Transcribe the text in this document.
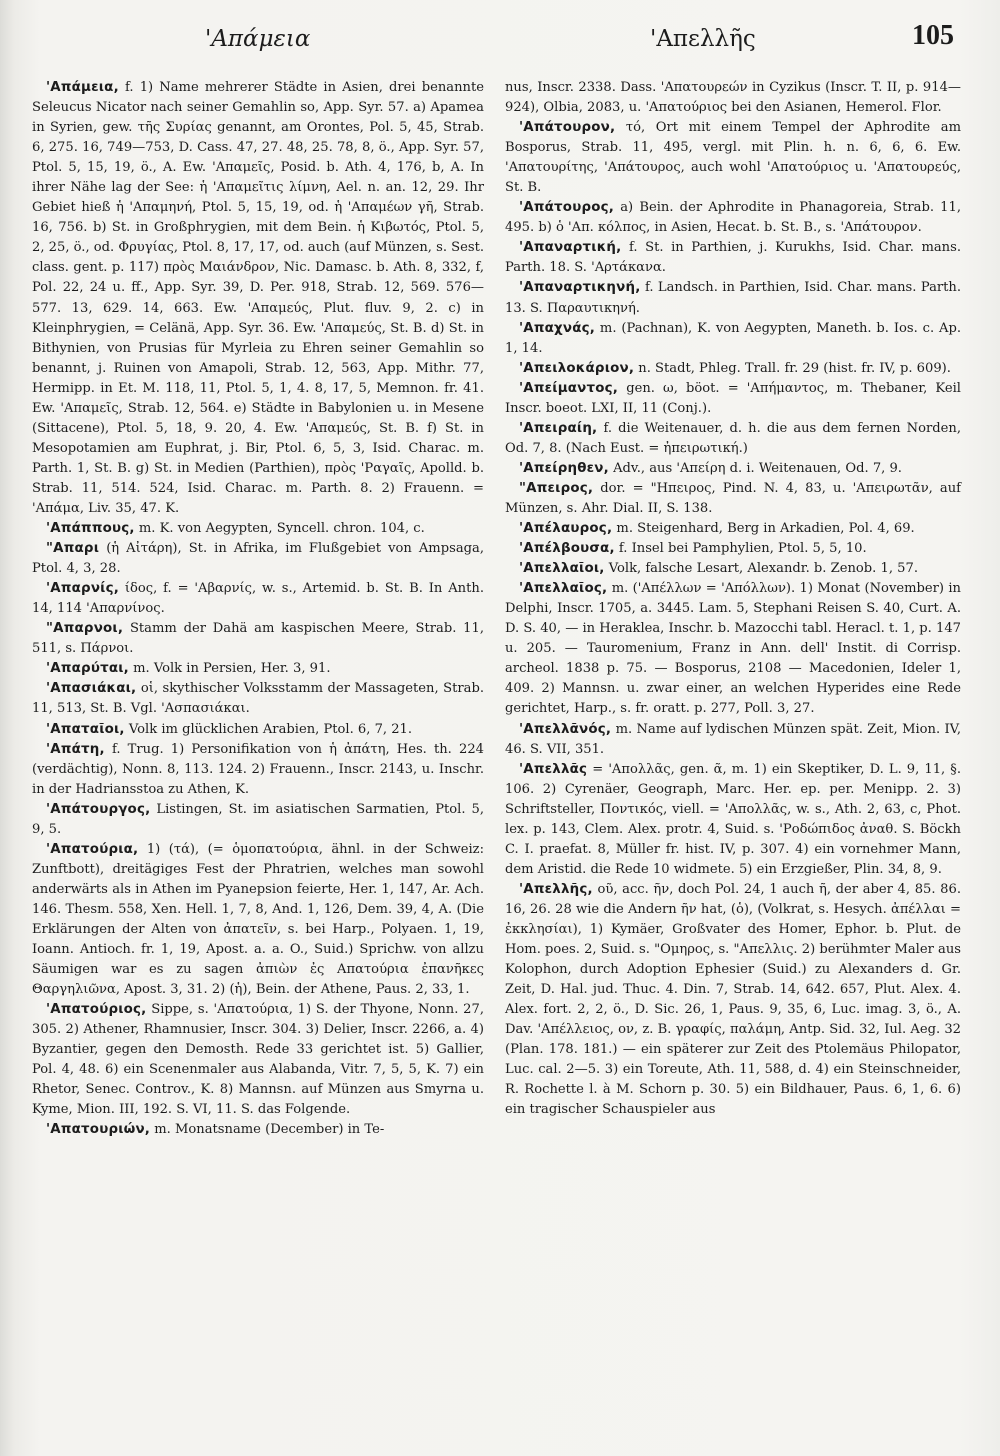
'Απάμεια	'Απελλῆς	105

'Απάμεια, f. 1) Name mehrerer Städte in Asien, drei benannte Seleucus Nicator nach seiner Gemahlin so, App. Syr. 57. a) Apamea in Syrien, gew. τῆς Συρίας genannt, am Orontes, Pol. 5, 45, Strab. 6, 275. 16, 749—753, D. Cass. 47, 27. 48, 25. 78, 8, ö., App. Syr. 57, Ptol. 5, 15, 19, ö., A. Ew. 'Απαμεῖς, Posid. b. Ath. 4, 176, b, A. In ihrer Nähe lag der See: ἡ 'Απαμεῖτις λίμνη, Ael. n. an. 12, 29. Ihr Gebiet hieß ἡ 'Απαμηνή, Ptol. 5, 15, 19, od. ἡ 'Απαμέων γῆ, Strab. 16, 756. b) St. in Großphrygien, mit dem Bein. ἡ Κιβωτός, Ptol. 5, 2, 25, ö., od. Φρυγίας, Ptol. 8, 17, 17, od. auch (auf Münzen, s. Sest. class. gent. p. 117) πρὸς Μαιάνδρον, Nic. Damasc. b. Ath. 8, 332, f, Pol. 22, 24 u. ff., App. Syr. 39, D. Per. 918, Strab. 12, 569. 576—577. 13, 629. 14, 663. Ew. 'Απαμεύς, Plut. fluv. 9, 2. c) in Kleinphrygien, = Celänä, App. Syr. 36. Ew. 'Απαμεύς, St. B. d) St. in Bithynien, von Prusias für Myrleia zu Ehren seiner Gemahlin so benannt, j. Ruinen von Amapoli, Strab. 12, 563, App. Mithr. 77, Hermipp. in Et. M. 118, 11, Ptol. 5, 1, 4. 8, 17, 5, Memnon. fr. 41. Ew. 'Απαμεῖς, Strab. 12, 564. e) Städte in Babylonien u. in Mesene (Sittacene), Ptol. 5, 18, 9. 20, 4. Ew. 'Απαμεύς, St. B. f) St. in Mesopotamien am Euphrat, j. Bir, Ptol. 6, 5, 3, Isid. Charac. m. Parth. 1, St. B. g) St. in Medien (Parthien), πρὸς 'Ραγαῖς, Apolld. b. Strab. 11, 514. 524, Isid. Charac. m. Parth. 8. 2) Frauenn. = 'Απάμα, Liv. 35, 47. K.

'Απάππους, m. K. von Aegypten, Syncell. chron. 104, c.

"Απαρι (ἡ Αἰτάρη), St. in Afrika, im Flußgebiet von Ampsaga, Ptol. 4, 3, 28.

'Απαρνίς, ίδος, f. = 'Αβαρνίς, w. s., Artemid. b. St. B. In Anth. 14, 114 'Απαρνίνος.

"Απαρνοι, Stamm der Dahä am kaspischen Meere, Strab. 11, 511, s. Πάρνοι.

'Απαρύται, m. Volk in Persien, Her. 3, 91.

'Απασιάκαι, οἱ, skythischer Volksstamm der Massageten, Strab. 11, 513, St. B. Vgl. 'Ασπασιάκαι.

'Απαταῖοι, Volk im glücklichen Arabien, Ptol. 6, 7, 21.

'Απάτη, f. Trug. 1) Personifikation von ἡ ἀπάτη, Hes. th. 224 (verdächtig), Nonn. 8, 113. 124. 2) Frauenn., Inscr. 2143, u. Inschr. in der Hadriansstoa zu Athen, K.

'Απάτουργος, Listingen, St. im asiatischen Sarmatien, Ptol. 5, 9, 5.

'Απατούρια, 1) (τά), (= ὁμοπατούρια, ähnl. in der Schweiz: Zunftbott), dreitägiges Fest der Phratrien, welches man sowohl anderwärts als in Athen im Pyanepsion feierte, Her. 1, 147, Ar. Ach. 146. Thesm. 558, Xen. Hell. 1, 7, 8, And. 1, 126, Dem. 39, 4, A. (Die Erklärungen der Alten von ἀπατεῖν, s. bei Harp., Polyaen. 1, 19, Ioann. Antioch. fr. 1, 19, Apost. a. a. O., Suid.) Sprichw. von allzu Säumigen war es zu sagen ἀπιὼν ἐς Απατούρια ἐπανῆκες Θαργηλιῶνα, Apost. 3, 31. 2) (ἡ), Bein. der Athene, Paus. 2, 33, 1.

'Απατούριος, Sippe, s. 'Απατούρια, 1) S. der Thyone, Nonn. 27, 305. 2) Athener, Rhamnusier, Inscr. 304. 3) Delier, Inscr. 2266, a. 4) Byzantier, gegen den Demosth. Rede 33 gerichtet ist. 5) Gallier, Pol. 4, 48. 6) ein Scenenmaler aus Alabanda, Vitr. 7, 5, 5, K. 7) ein Rhetor, Senec. Controv., K. 8) Mannsn. auf Münzen aus Smyrna u. Kyme, Mion. III, 192. S. VI, 11. S. das Folgende.

'Απατουριών, m. Monatsname (December) in Te-

nus, Inscr. 2338. Dass. 'Απατουρεών in Cyzikus (Inscr. T. II, p. 914—924), Olbia, 2083, u. 'Απατούριος bei den Asianen, Hemerol. Flor.

'Απάτουρον, τό, Ort mit einem Tempel der Aphrodite am Bosporus, Strab. 11, 495, vergl. mit Plin. h. n. 6, 6, 6. Ew. 'Απατουρίτης, 'Απάτουρος, auch wohl 'Απατούριος u. 'Απατουρεύς, St. B.

'Απάτουρος, a) Bein. der Aphrodite in Phanagoreia, Strab. 11, 495. b) ὁ 'Απ. κόλπος, in Asien, Hecat. b. St. B., s. 'Απάτουρον.

'Απαναρτική, f. St. in Parthien, j. Kurukhs, Isid. Char. mans. Parth. 18. S. 'Αρτάκανα.

'Απαναρτικηνή, f. Landsch. in Parthien, Isid. Char. mans. Parth. 13. S. Παραυτικηνή.

'Απαχνάς, m. (Pachnan), K. von Aegypten, Maneth. b. Ios. c. Ap. 1, 14.

'Απειλοκάριον, n. Stadt, Phleg. Trall. fr. 29 (hist. fr. IV, p. 609).

'Απείμαντος, gen. ω, böot. = 'Απήμαντος, m. Thebaner, Keil Inscr. boeot. LXI, II, 11 (Conj.).

'Απειραίη, f. die Weitenauer, d. h. die aus dem fernen Norden, Od. 7, 8. (Nach Eust. = ἠπειρωτική.)

'Απείρηθεν, Adv., aus 'Απείρη d. i. Weitenauen, Od. 7, 9.

"Απειρος, dor. = "Ηπειρος, Pind. N. 4, 83, u. 'Απειρωτᾶν, auf Münzen, s. Ahr. Dial. II, S. 138.

'Απέλαυρος, m. Steigenhard, Berg in Arkadien, Pol. 4, 69.

'Απέλβουσα, f. Insel bei Pamphylien, Ptol. 5, 5, 10.

'Απελλαῖοι, Volk, falsche Lesart, Alexandr. b. Zenob. 1, 57.

'Απελλαῖος, m. ('Απέλλων = 'Απόλλων). 1) Monat (November) in Delphi, Inscr. 1705, a. 3445. Lam. 5, Stephani Reisen S. 40, Curt. A. D. S. 40, — in Heraklea, Inschr. b. Mazocchi tabl. Heracl. t. 1, p. 147 u. 205. — Tauromenium, Franz in Ann. dell' Instit. di Corrisp. archeol. 1838 p. 75. — Bosporus, 2108 — Macedonien, Ideler 1, 409. 2) Mannsn. u. zwar einer, an welchen Hyperides eine Rede gerichtet, Harp., s. fr. oratt. p. 277, Poll. 3, 27.

'Απελλᾶνός, m. Name auf lydischen Münzen spät. Zeit, Mion. IV, 46. S. VII, 351.

'Απελλᾶς = 'Απολλᾶς, gen. ᾶ, m. 1) ein Skeptiker, D. L. 9, 11, §. 106. 2) Cyrenäer, Geograph, Marc. Her. ep. per. Menipp. 2. 3) Schriftsteller, Ποντικός, viell. = 'Απολλᾶς, w. s., Ath. 2, 63, c, Phot. lex. p. 143, Clem. Alex. protr. 4, Suid. s. 'Ροδώπιδος ἀναθ. S. Böckh C. I. praefat. 8, Müller fr. hist. IV, p. 307. 4) ein vornehmer Mann, dem Aristid. die Rede 10 widmete. 5) ein Erzgießer, Plin. 34, 8, 9.

'Απελλῆς, οῦ, acc. ῆν, doch Pol. 24, 1 auch ῆ, der aber 4, 85. 86. 16, 26. 28 wie die Andern ῆν hat, (ὁ), (Volkrat, s. Hesych. ἀπέλλαι = ἐκκλησίαι), 1) Kymäer, Großvater des Homer, Ephor. b. Plut. de Hom. poes. 2, Suid. s. "Ομηρος, s. "Απελλις. 2) berühmter Maler aus Kolophon, durch Adoption Ephesier (Suid.) zu Alexanders d. Gr. Zeit, D. Hal. jud. Thuc. 4. Din. 7, Strab. 14, 642. 657, Plut. Alex. 4. Alex. fort. 2, 2, ö., D. Sic. 26, 1, Paus. 9, 35, 6, Luc. imag. 3, ö., A. Dav. 'Απέλλειος, ον, z. B. γραφίς, παλάμη, Antp. Sid. 32, Iul. Aeg. 32 (Plan. 178. 181.) — ein späterer zur Zeit des Ptolemäus Philopator, Luc. cal. 2—5. 3) ein Toreute, Ath. 11, 588, d. 4) ein Steinschneider, R. Rochette l. à M. Schorn p. 30. 5) ein Bildhauer, Paus. 6, 1, 6. 6) ein tragischer Schauspieler aus
